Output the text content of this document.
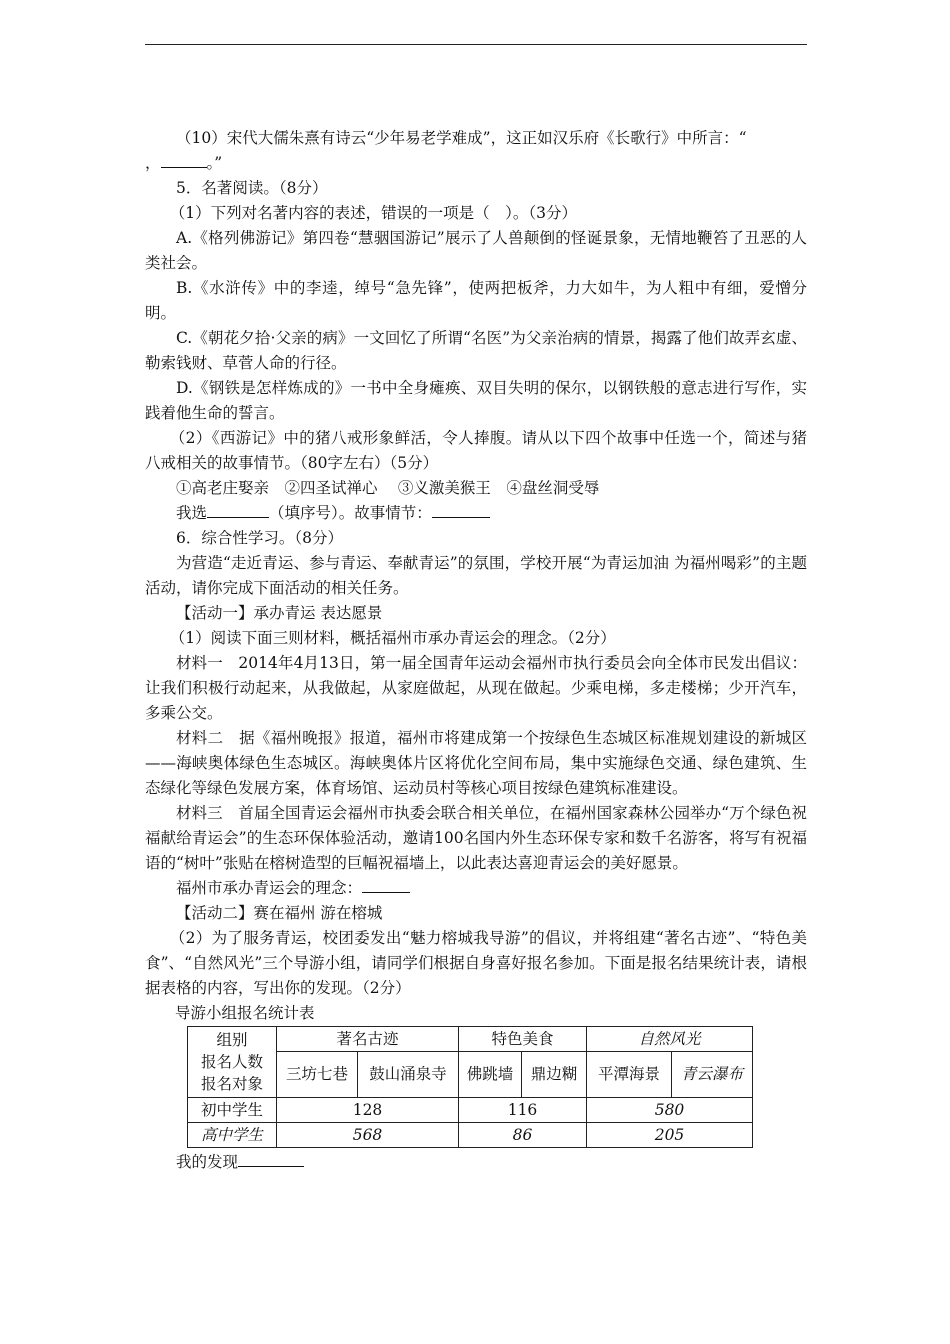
（10）宋代大儒朱熹有诗云“少年易老学难成”，这正如汉乐府《长歌行》中所言：“

，	。”

5．名著阅读。（8分）

（1）下列对名著内容的表述，错误的一项是（　）。（3分）

A.《格列佛游记》第四卷“慧骃国游记”展示了人兽颠倒的怪诞景象，无情地鞭笞了丑恶的人类社会。

B.《水浒传》中的李逵，绰号“急先锋”，使两把板斧，力大如牛，为人粗中有细，爱憎分明。

C.《朝花夕拾·父亲的病》一文回忆了所谓“名医”为父亲治病的情景，揭露了他们故弄玄虚、勒索钱财、草菅人命的行径。

D.《钢铁是怎样炼成的》一书中全身瘫痪、双目失明的保尔，以钢铁般的意志进行写作，实践着他生命的誓言。

（2）《西游记》中的猪八戒形象鲜活，令人捧腹。请从以下四个故事中任选一个，简述与猪八戒相关的故事情节。（80字左右）（5分）

①高老庄娶亲　②四圣试禅心　 ③义激美猴王　④盘丝洞受辱

我选	（填序号）。故事情节：

6．综合性学习。（8分）

为营造“走近青运、参与青运、奉献青运”的氛围，学校开展“为青运加油 为福州喝彩”的主题活动，请你完成下面活动的相关任务。

【活动一】承办青运 表达愿景

（1）阅读下面三则材料，概括福州市承办青运会的理念。（2分）

材料一　2014年4月13日，第一届全国青年运动会福州市执行委员会向全体市民发出倡议：让我们积极行动起来，从我做起，从家庭做起，从现在做起。少乘电梯，多走楼梯；少开汽车，多乘公交。

材料二　据《福州晚报》报道，福州市将建成第一个按绿色生态城区标准规划建设的新城区——海峡奥体绿色生态城区。海峡奥体片区将优化空间布局，集中实施绿色交通、绿色建筑、生态绿化等绿色发展方案，体育场馆、运动员村等核心项目按绿色建筑标准建设。

材料三　首届全国青运会福州市执委会联合相关单位，在福州国家森林公园举办“万个绿色祝福献给青运会”的生态环保体验活动，邀请100名国内外生态环保专家和数千名游客，将写有祝福语的“树叶”张贴在榕树造型的巨幅祝福墙上，以此表达喜迎青运会的美好愿景。

福州市承办青运会的理念：

【活动二】赛在福州 游在榕城

（2）为了服务青运，校团委发出“魅力榕城我导游”的倡议，并将组建“著名古迹”、“特色美食”、“自然风光”三个导游小组，请同学们根据自身喜好报名参加。下面是报名结果统计表，请根据表格的内容，写出你的发现。（2分）

导游小组报名统计表

组别
报名人数
报名对象	著名古迹		特色美食		自然风光	
	三坊七巷	鼓山涌泉寺	佛跳墙	鼎边糊	平潭海景	青云瀑布
初中学生	128		116		580	
高中学生	568		86		205	

我的发现
